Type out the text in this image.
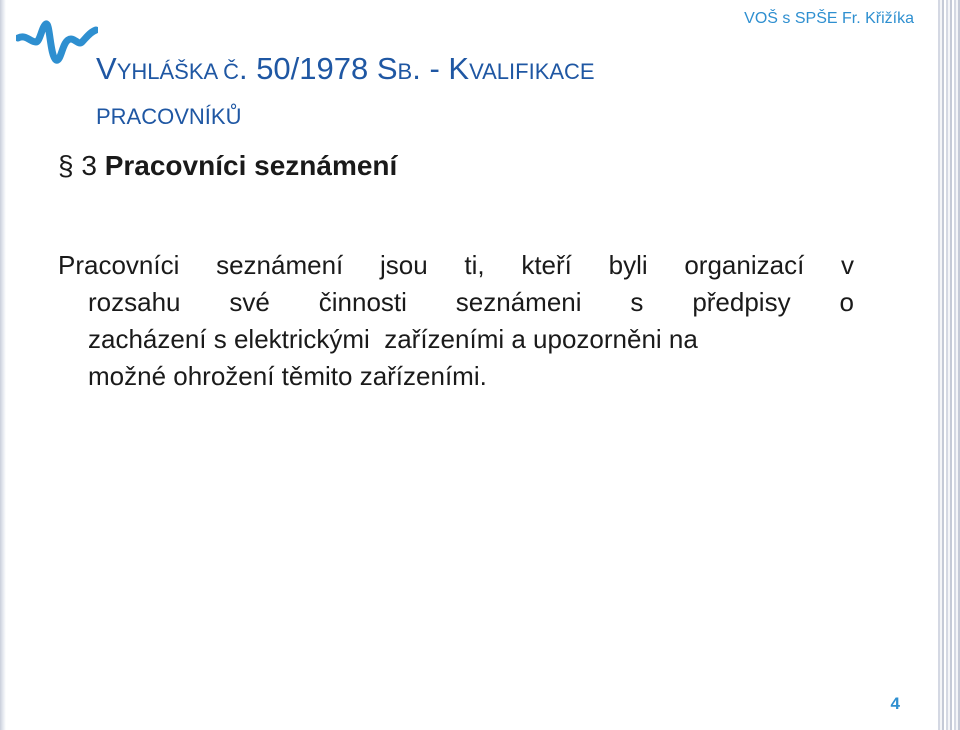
VOŠ s SPŠE Fr. Křižíka
VYHLÁŠKA Č. 50/1978 SB. - KVALIFIKACE
PRACOVNÍKŮ
§ 3 Pracovníci seznámení
Pracovníci seznámení jsou ti, kteří byli organizací v
rozsahu své činnosti seznámeni s předpisy o
zacházení s elektrickými  zařízeními a upozorněni na
možné ohrožení těmito zařízeními.
4
